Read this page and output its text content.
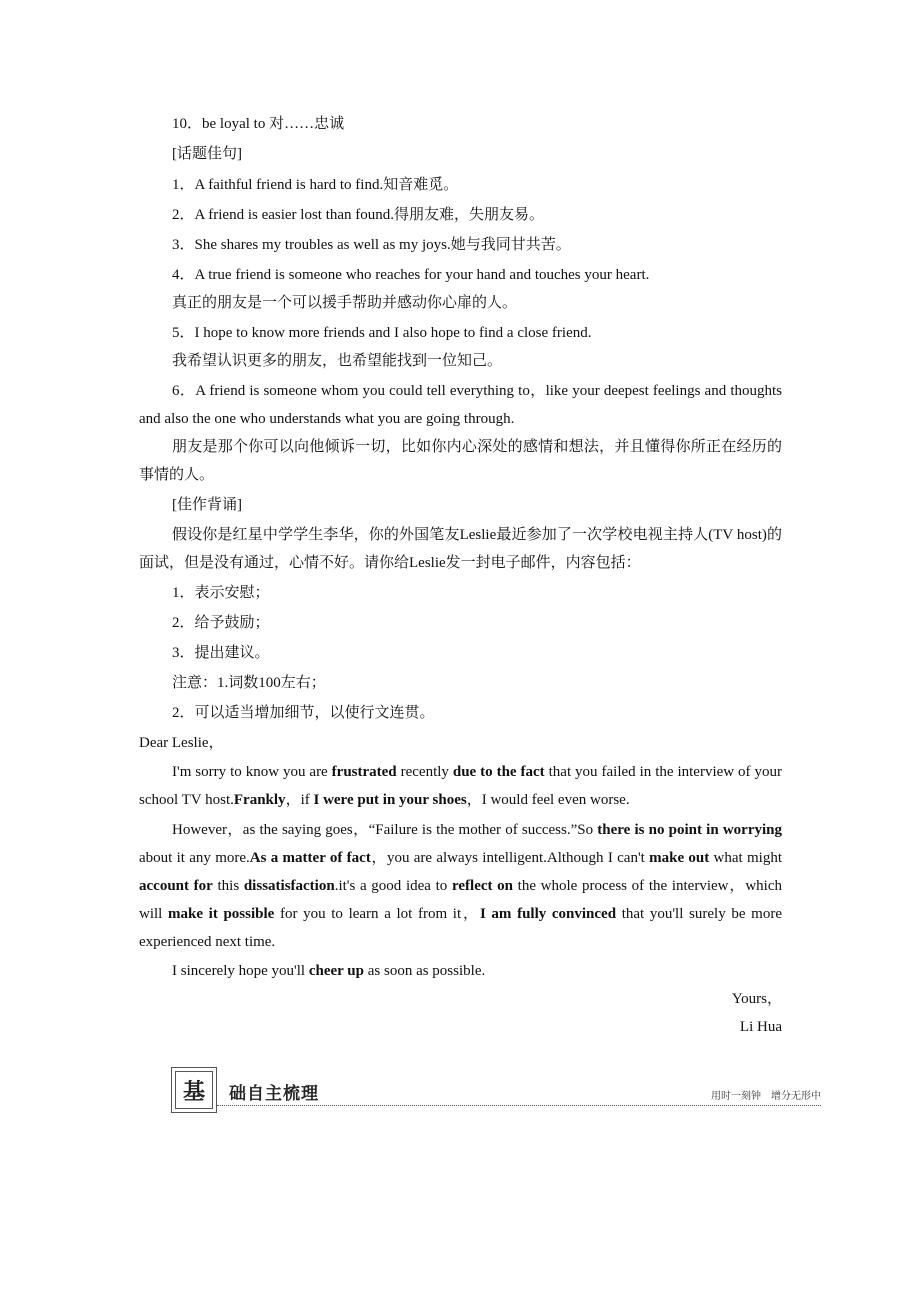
10．be loyal to 对……忠诚
[话题佳句]
1．A faithful friend is hard to find.知音难觅。
2．A friend is easier lost than found.得朋友难，失朋友易。
3．She shares my troubles as well as my joys.她与我同甘共苦。
4．A true friend is someone who reaches for your hand and touches your heart.
真正的朋友是一个可以援手帮助并感动你心扉的人。
5．I hope to know more friends and I also hope to find a close friend.
我希望认识更多的朋友，也希望能找到一位知己。
6．A friend is someone whom you could tell everything to，like your deepest feelings and thoughts and also the one who understands what you are going through.
朋友是那个你可以向他倾诉一切，比如你内心深处的感情和想法，并且懂得你所正在经历的事情的人。
[佳作背诵]
假设你是红星中学学生李华，你的外国笔友Leslie最近参加了一次学校电视主持人(TV host)的面试，但是没有通过，心情不好。请你给Leslie发一封电子邮件，内容包括：
1．表示安慰；
2．给予鼓励；
3．提出建议。
注意：1.词数100左右；
2．可以适当增加细节，以使行文连贯。
Dear Leslie，
I'm sorry to know you are frustrated recently due to the fact that you failed in the interview of your school TV host.Frankly，if I were put in your shoes，I would feel even worse.
However，as the saying goes，“Failure is the mother of success.”So there is no point in worrying about it any more.As a matter of fact，you are always intelligent.Although I can't make out what might account for this dissatisfaction.it's a good idea to reflect on the whole process of the interview，which will make it possible for you to learn a lot from it，I am fully convinced that you'll surely be more experienced next time.
I sincerely hope you'll cheer up as soon as possible.
Yours，
Li Hua
基	础自主梳理	用时一刻钟　增分无形中
